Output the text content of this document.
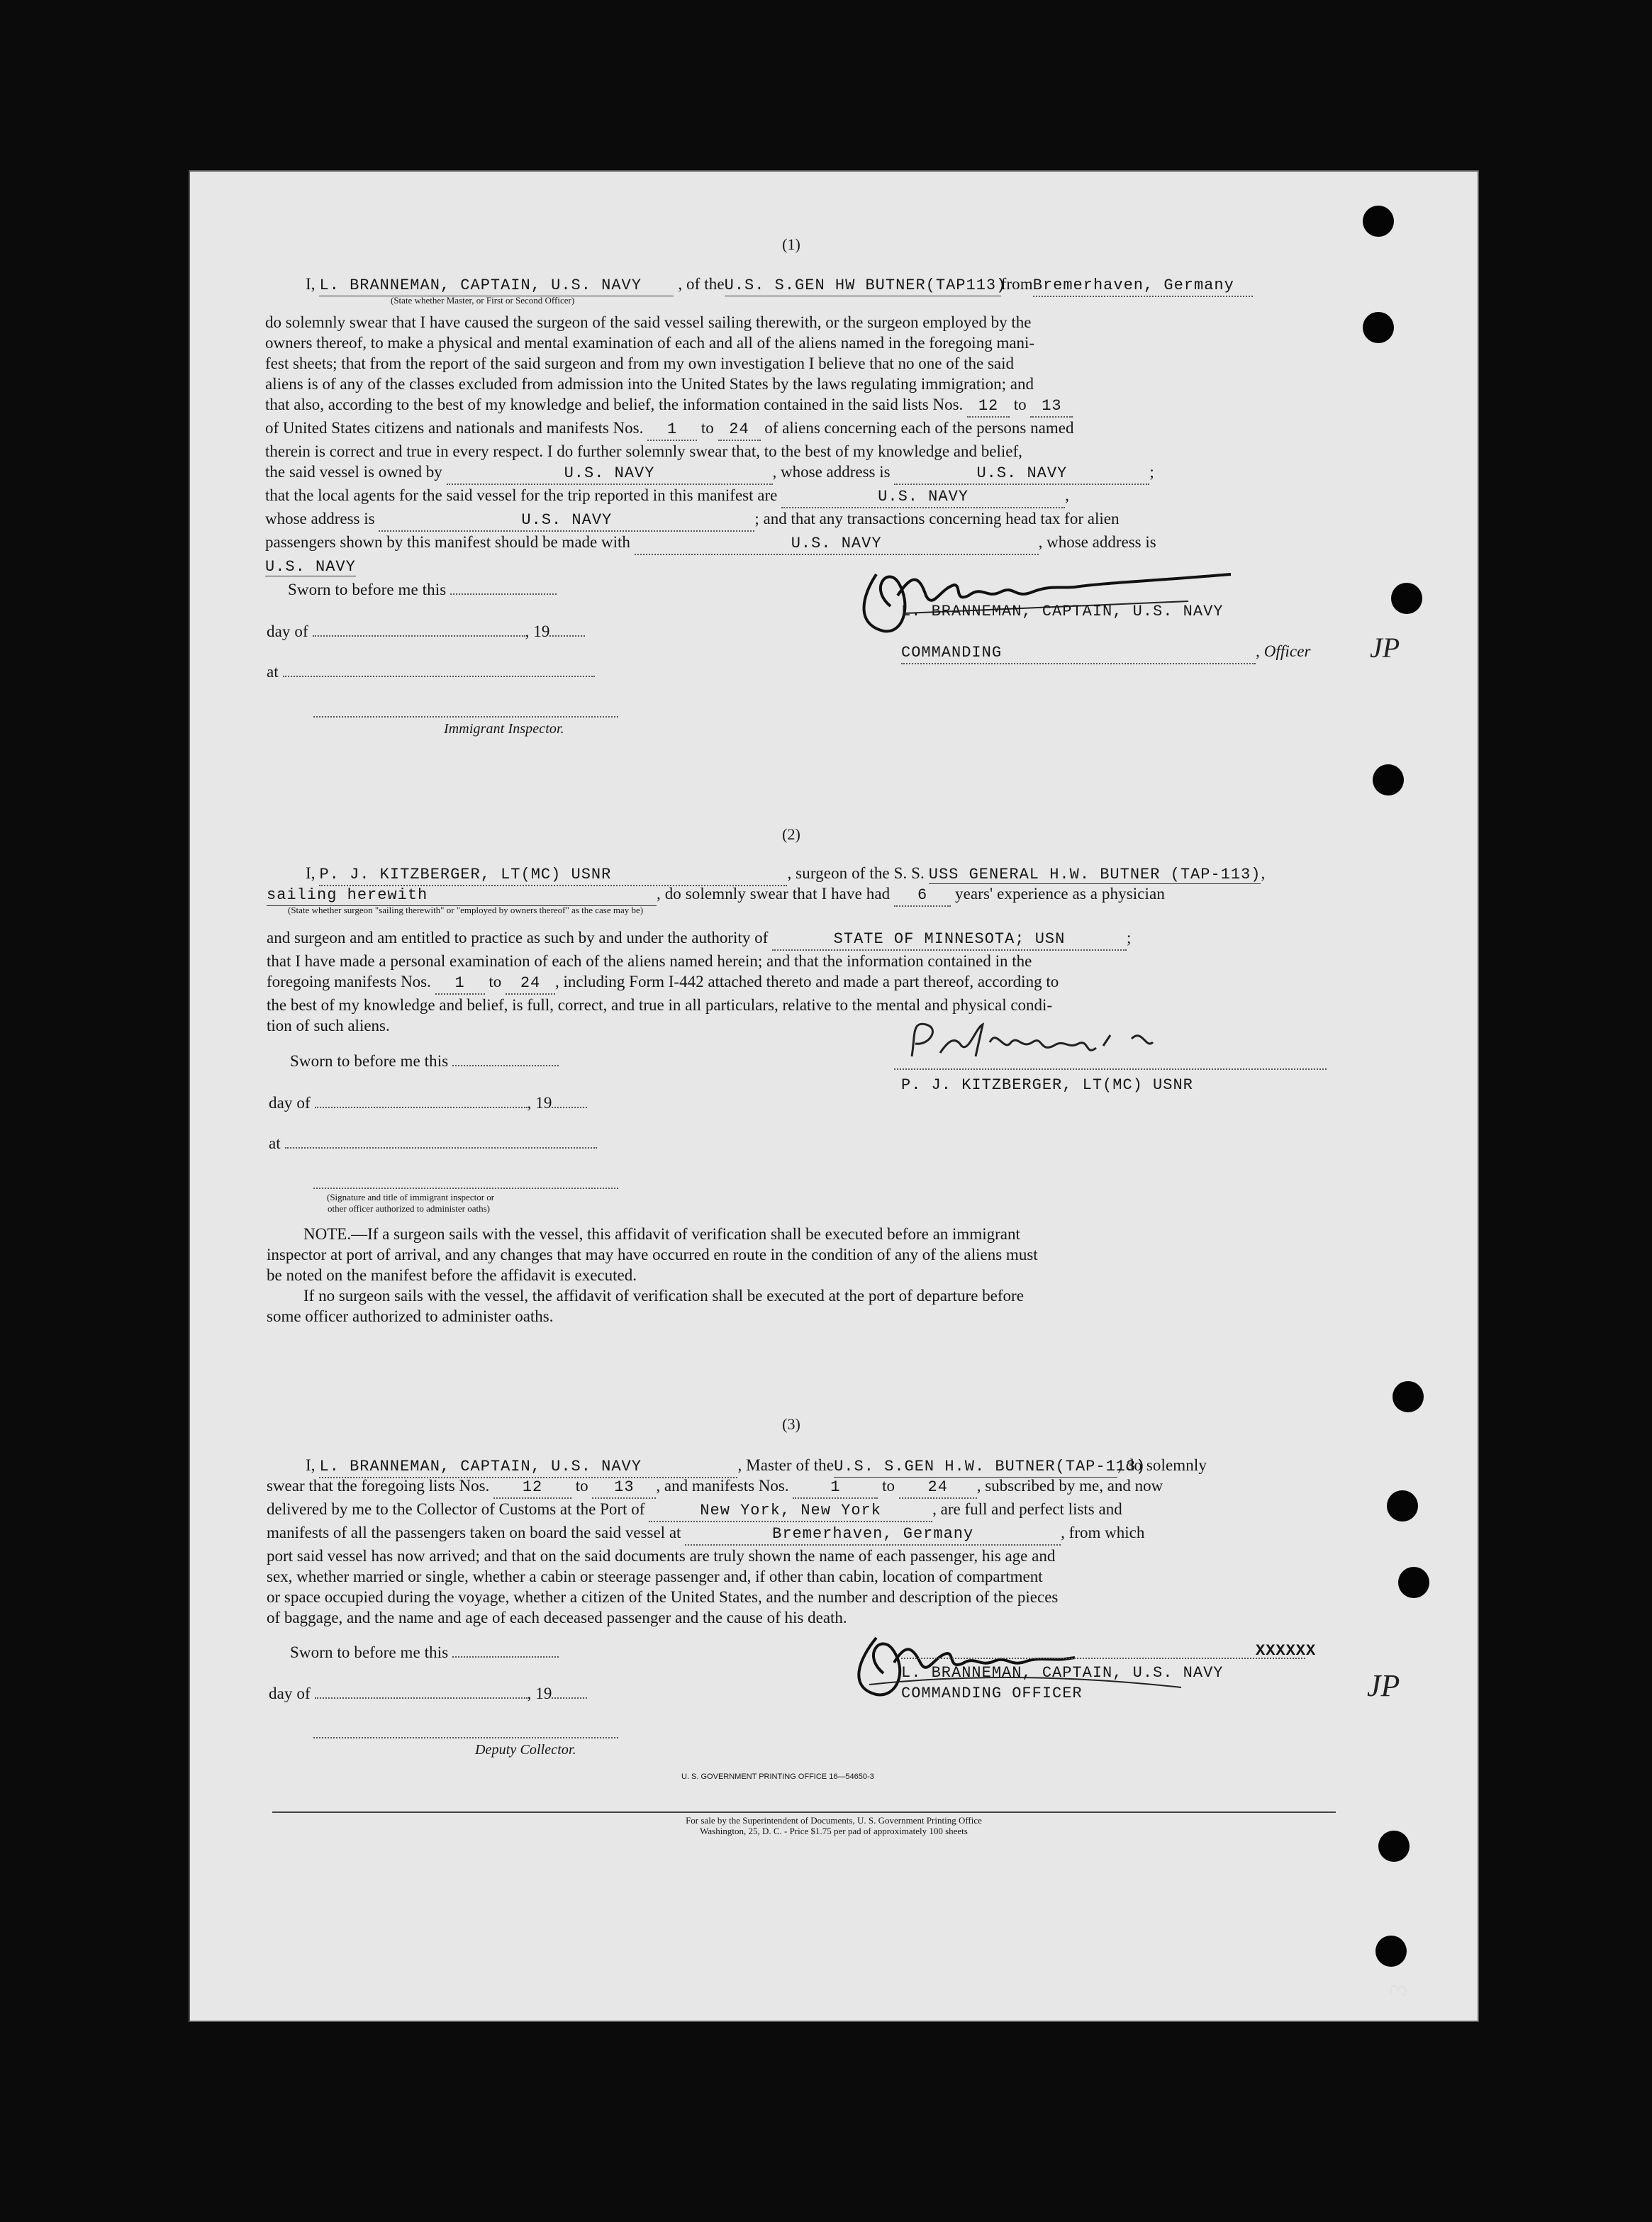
(1)
I, L. BRANNEMAN, CAPTAIN, U.S. NAVY , of theU.S. S.GEN HW BUTNER(TAP113)fromBremerhaven, Germany
(State whether Master, or First or Second Officer)
do solemnly swear that I have caused the surgeon of the said vessel sailing therewith, or the surgeon employed by the
owners thereof, to make a physical and mental examination of each and all of the aliens named in the foregoing mani-
fest sheets; that from the report of the said surgeon and from my own investigation I believe that no one of the said
aliens is of any of the classes excluded from admission into the United States by the laws regulating immigration; and
that also, according to the best of my knowledge and belief, the information contained in the said lists Nos. 12 to 13
of United States citizens and nationals and manifests Nos. 1 to 24 of aliens concerning each of the persons named
therein is correct and true in every respect. I do further solemnly swear that, to the best of my knowledge and belief,
the said vessel is owned by	U.S. NAVY	, whose address is	U.S. NAVY	;
that the local agents for the said vessel for the trip reported in this manifest are	U.S. NAVY	,
whose address is	U.S. NAVY	; and that any transactions concerning head tax for alien
passengers shown by this manifest should be made with	U.S. NAVY	, whose address is
U.S. NAVY
Sworn to before me this
day of	, 19
at
Immigrant Inspector.
L. BRANNEMAN, CAPTAIN, U.S. NAVY
COMMANDING	, Officer
(2)
I, P. J. KITZBERGER, LT(MC) USNR	, surgeon of the S. S. USS GENERAL H.W. BUTNER (TAP-113),
sailing herewith	, do solemnly swear that I have had 6 years' experience as a physician
(State whether surgeon "sailing therewith" or "employed by owners thereof" as the case may be)
and surgeon and am entitled to practice as such by and under the authority of	STATE OF MINNESOTA; USN	;
that I have made a personal examination of each of the aliens named herein; and that the information contained in the
foregoing manifests Nos. 1 to 24 , including Form I-442 attached thereto and made a part thereof, according to
the best of my knowledge and belief, is full, correct, and true in all particulars, relative to the mental and physical condi-
tion of such aliens.
Sworn to before me this
day of	, 19
at
(Signature and title of immigrant inspector or
other officer authorized to administer oaths)
P. J. KITZBERGER, LT(MC) USNR
NOTE.—If a surgeon sails with the vessel, this affidavit of verification shall be executed before an immigrant
inspector at port of arrival, and any changes that may have occurred en route in the condition of any of the aliens must
be noted on the manifest before the affidavit is executed.
If no surgeon sails with the vessel, the affidavit of verification shall be executed at the port of departure before
some officer authorized to administer oaths.
(3)
I, L. BRANNEMAN, CAPTAIN, U.S. NAVY	, Master of theU.S. S.GEN H.W. BUTNER(TAP-113), do solemnly
swear that the foregoing lists Nos. 12 to 13 , and manifests Nos.	1	to 24 , subscribed by me, and now
delivered by me to the Collector of Customs at the Port of	New York, New York	, are full and perfect lists and
manifests of all the passengers taken on board the said vessel at	Bremerhaven, Germany	, from which
port said vessel has now arrived; and that on the said documents are truly shown the name of each passenger, his age and
sex, whether married or single, whether a cabin or steerage passenger and, if other than cabin, location of compartment
or space occupied during the voyage, whether a citizen of the United States, and the number and description of the pieces
of baggage, and the name and age of each deceased passenger and the cause of his death.
Sworn to before me this
day of	, 19
Deputy Collector.
XXXXXX
L. BRANNEMAN, CAPTAIN, U.S. NAVY
COMMANDING OFFICER
U. S. GOVERNMENT PRINTING OFFICE 16—54650-3
For sale by the Superintendent of Documents, U. S. Government Printing Office
Washington, 25, D. C. - Price $1.75 per pad of approximately 100 sheets
JP
JP
3
